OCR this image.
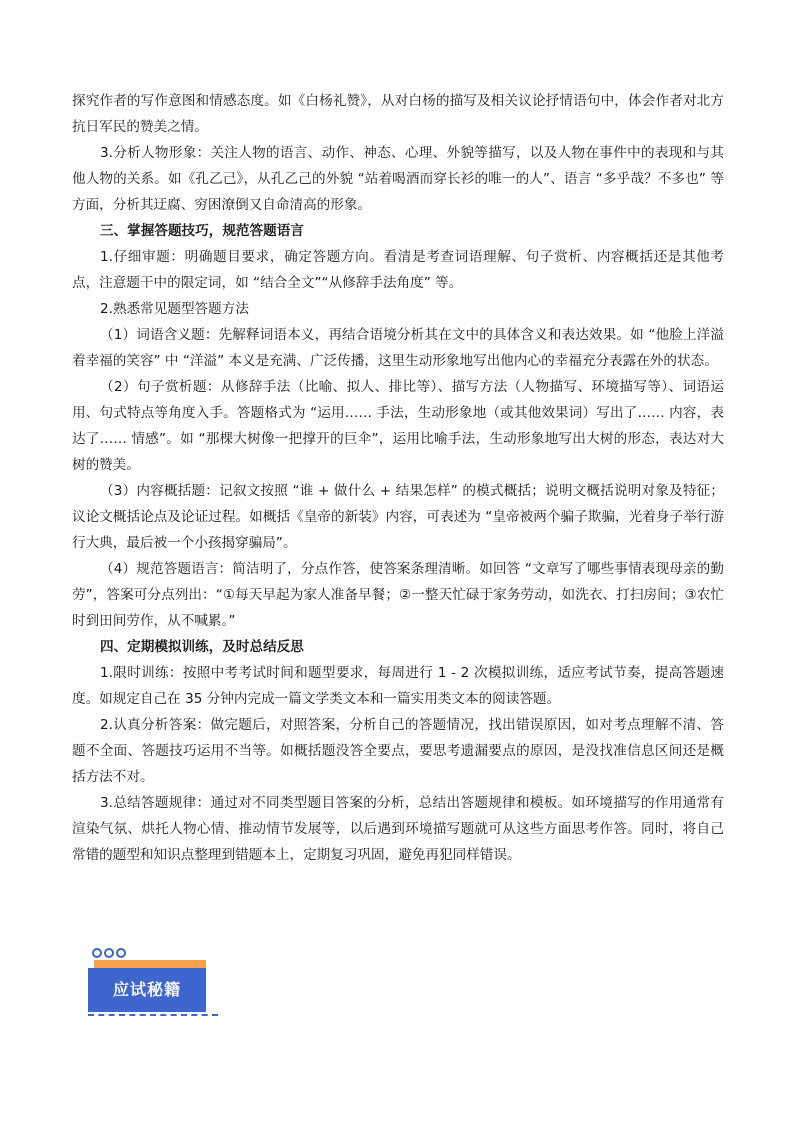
探究作者的写作意图和情感态度。如《白杨礼赞》，从对白杨的描写及相关议论抒情语句中，体会作者对北方抗日军民的赞美之情。

3.分析人物形象：关注人物的语言、动作、神态、心理、外貌等描写，以及人物在事件中的表现和与其他人物的关系。如《孔乙己》，从孔乙己的外貌 “站着喝酒而穿长衫的唯一的人”、语言 “多乎哉？不多也” 等方面，分析其迂腐、穷困潦倒又自命清高的形象。

三、掌握答题技巧，规范答题语言

1.仔细审题：明确题目要求，确定答题方向。看清是考查词语理解、句子赏析、内容概括还是其他考点，注意题干中的限定词，如 “结合全文”“从修辞手法角度” 等。

2.熟悉常见题型答题方法

（1）词语含义题：先解释词语本义，再结合语境分析其在文中的具体含义和表达效果。如 “他脸上洋溢着幸福的笑容” 中 “洋溢” 本义是充满、广泛传播，这里生动形象地写出他内心的幸福充分表露在外的状态。

（2）句子赏析题：从修辞手法（比喻、拟人、排比等）、描写方法（人物描写、环境描写等）、词语运用、句式特点等角度入手。答题格式为 “运用…… 手法，生动形象地（或其他效果词）写出了…… 内容，表达了…… 情感”。如 “那棵大树像一把撑开的巨伞”，运用比喻手法，生动形象地写出大树的形态，表达对大树的赞美。

（3）内容概括题：记叙文按照 “谁 + 做什么 + 结果怎样” 的模式概括；说明文概括说明对象及特征；议论文概括论点及论证过程。如概括《皇帝的新装》内容，可表述为 “皇帝被两个骗子欺骗，光着身子举行游行大典，最后被一个小孩揭穿骗局”。

（4）规范答题语言：简洁明了，分点作答，使答案条理清晰。如回答 “文章写了哪些事情表现母亲的勤劳”，答案可分点列出：“①每天早起为家人准备早餐；②一整天忙碌于家务劳动，如洗衣、打扫房间；③农忙时到田间劳作，从不喊累。”

四、定期模拟训练，及时总结反思

1.限时训练：按照中考考试时间和题型要求，每周进行 1 - 2 次模拟训练，适应考试节奏，提高答题速度。如规定自己在 35 分钟内完成一篇文学类文本和一篇实用类文本的阅读答题。

2.认真分析答案：做完题后，对照答案，分析自己的答题情况，找出错误原因，如对考点理解不清、答题不全面、答题技巧运用不当等。如概括题没答全要点，要思考遗漏要点的原因，是没找准信息区间还是概括方法不对。

3.总结答题规律：通过对不同类型题目答案的分析，总结出答题规律和模板。如环境描写的作用通常有渲染气氛、烘托人物心情、推动情节发展等，以后遇到环境描写题就可从这些方面思考作答。同时，将自己常错的题型和知识点整理到错题本上，定期复习巩固，避免再犯同样错误。

应试秘籍
